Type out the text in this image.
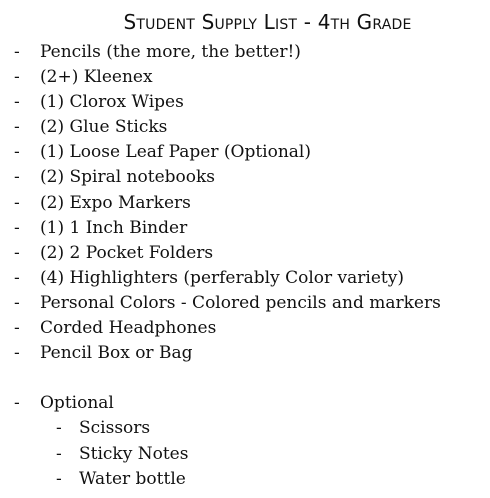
Student Supply List - 4th Grade
- Pencils (the more, the better!)
- (2+) Kleenex
- (1) Clorox Wipes
- (2) Glue Sticks
- (1) Loose Leaf Paper (Optional)
- (2) Spiral notebooks
- (2) Expo Markers
- (1) 1 Inch Binder
- (2) 2 Pocket Folders
- (4) Highlighters (perferably Color variety)
- Personal Colors - Colored pencils and markers
- Corded Headphones
- Pencil Box or Bag
- Optional
- Scissors
- Sticky Notes
- Water bottle
